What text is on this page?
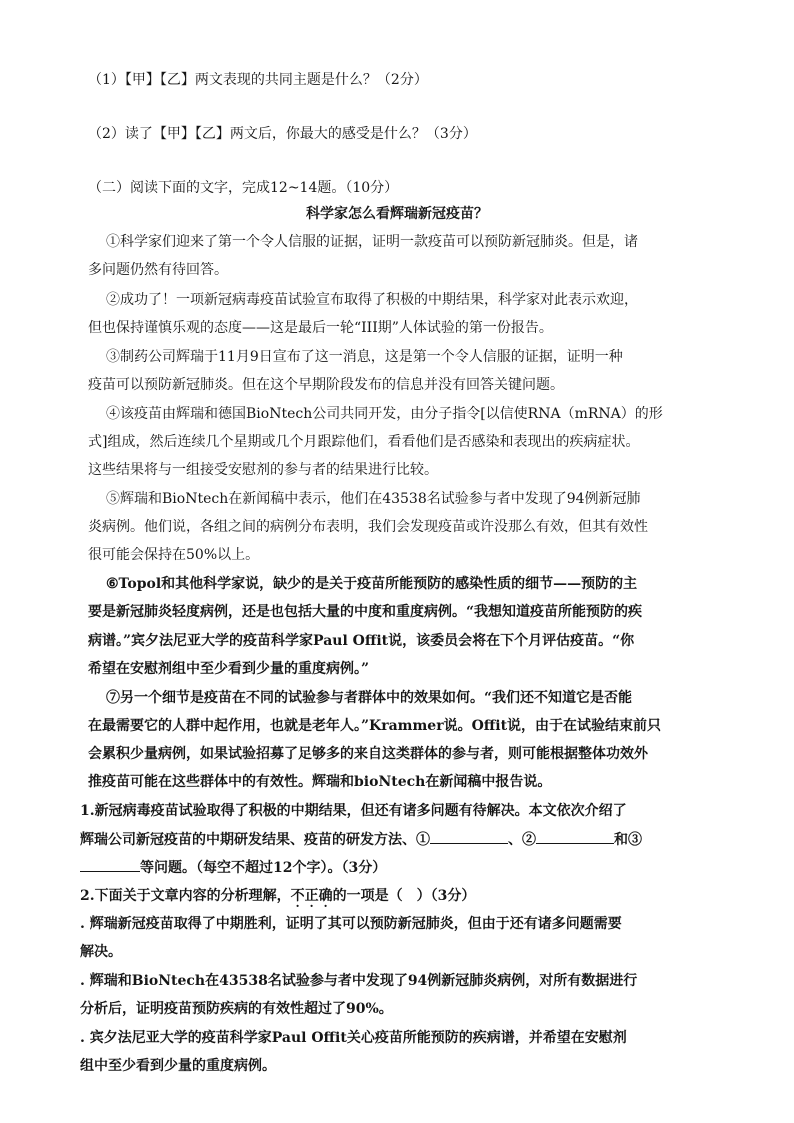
（1）【甲】【乙】两文表现的共同主题是什么？（2分）
（2）读了【甲】【乙】两文后，你最大的感受是什么？（3分）
（二）阅读下面的文字，完成12~14题。（10分）
科学家怎么看辉瑞新冠疫苗？
①科学家们迎来了第一个令人信服的证据，证明一款疫苗可以预防新冠肺炎。但是，诸
多问题仍然有待回答。
②成功了！一项新冠病毒疫苗试验宣布取得了积极的中期结果，科学家对此表示欢迎，
但也保持谨慎乐观的态度——这是最后一轮“III期”人体试验的第一份报告。
③制药公司辉瑞于11月9日宣布了这一消息，这是第一个令人信服的证据，证明一种
疫苗可以预防新冠肺炎。但在这个早期阶段发布的信息并没有回答关键问题。
④该疫苗由辉瑞和德国BioNtech公司共同开发，由分子指令[以信使RNA（mRNA）的形
式]组成，然后连续几个星期或几个月跟踪他们，看看他们是否感染和表现出的疾病症状。
这些结果将与一组接受安慰剂的参与者的结果进行比较。
⑤辉瑞和BioNtech在新闻稿中表示，他们在43538名试验参与者中发现了94例新冠肺
炎病例。他们说，各组之间的病例分布表明，我们会发现疫苗或许没那么有效，但其有效性
很可能会保持在50%以上。
⑥Topol和其他科学家说，缺少的是关于疫苗所能预防的感染性质的细节——预防的主
要是新冠肺炎轻度病例，还是也包括大量的中度和重度病例。“我想知道疫苗所能预防的疾
病谱。”宾夕法尼亚大学的疫苗科学家Paul Offit说，该委员会将在下个月评估疫苗。“你
希望在安慰剂组中至少看到少量的重度病例。”
⑦另一个细节是疫苗在不同的试验参与者群体中的效果如何。“我们还不知道它是否能
在最需要它的人群中起作用，也就是老年人。”Krammer说。Offit说，由于在试验结束前只
会累积少量病例，如果试验招募了足够多的来自这类群体的参与者，则可能根据整体功效外
推疫苗可能在这些群体中的有效性。辉瑞和bioNtech在新闻稿中报告说。
1.新冠病毒疫苗试验取得了积极的中期结果，但还有诸多问题有待解决。本文依次介绍了
辉瑞公司新冠疫苗的中期研发结果、疫苗的研发方法、①	、②	和③
等问题。（每空不超过12个字）。（3分）
2.下面关于文章内容的分析理解，不正确的一项是（　）（3分）
. 辉瑞新冠疫苗取得了中期胜利，证明了其可以预防新冠肺炎，但由于还有诸多问题需要
解决。
. 辉瑞和BioNtech在43538名试验参与者中发现了94例新冠肺炎病例，对所有数据进行
分析后，证明疫苗预防疾病的有效性超过了90%。
. 宾夕法尼亚大学的疫苗科学家Paul Offit关心疫苗所能预防的疾病谱，并希望在安慰剂
组中至少看到少量的重度病例。
